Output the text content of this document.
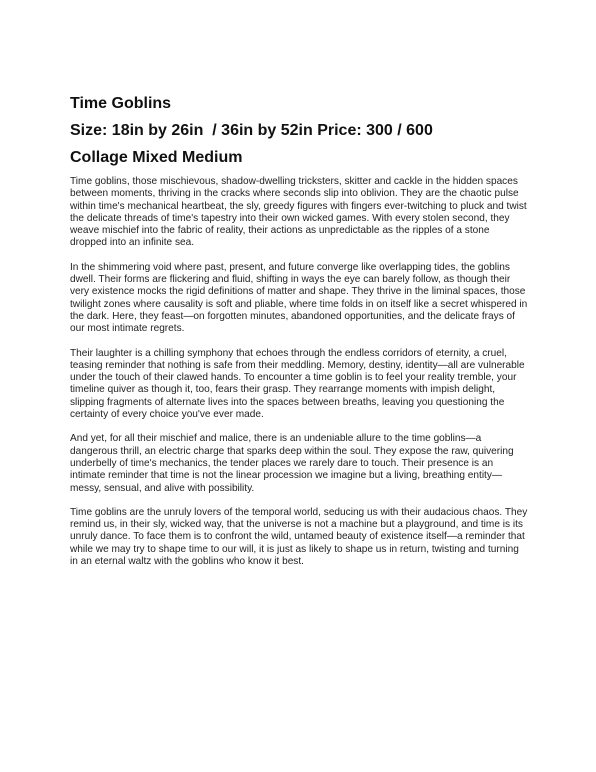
Time Goblins
Size: 18in by 26in  / 36in by 52in Price: 300 / 600
Collage Mixed Medium

Time goblins, those mischievous, shadow-dwelling tricksters, skitter and cackle in the hidden spaces between moments, thriving in the cracks where seconds slip into oblivion. They are the chaotic pulse within time's mechanical heartbeat, the sly, greedy figures with fingers ever-twitching to pluck and twist the delicate threads of time's tapestry into their own wicked games. With every stolen second, they weave mischief into the fabric of reality, their actions as unpredictable as the ripples of a stone dropped into an infinite sea.

In the shimmering void where past, present, and future converge like overlapping tides, the goblins dwell. Their forms are flickering and fluid, shifting in ways the eye can barely follow, as though their very existence mocks the rigid definitions of matter and shape. They thrive in the liminal spaces, those twilight zones where causality is soft and pliable, where time folds in on itself like a secret whispered in the dark. Here, they feast—on forgotten minutes, abandoned opportunities, and the delicate frays of our most intimate regrets.

Their laughter is a chilling symphony that echoes through the endless corridors of eternity, a cruel, teasing reminder that nothing is safe from their meddling. Memory, destiny, identity—all are vulnerable under the touch of their clawed hands. To encounter a time goblin is to feel your reality tremble, your timeline quiver as though it, too, fears their grasp. They rearrange moments with impish delight, slipping fragments of alternate lives into the spaces between breaths, leaving you questioning the certainty of every choice you've ever made.

And yet, for all their mischief and malice, there is an undeniable allure to the time goblins—a dangerous thrill, an electric charge that sparks deep within the soul. They expose the raw, quivering underbelly of time's mechanics, the tender places we rarely dare to touch. Their presence is an intimate reminder that time is not the linear procession we imagine but a living, breathing entity—messy, sensual, and alive with possibility.

Time goblins are the unruly lovers of the temporal world, seducing us with their audacious chaos. They remind us, in their sly, wicked way, that the universe is not a machine but a playground, and time is its unruly dance. To face them is to confront the wild, untamed beauty of existence itself—a reminder that while we may try to shape time to our will, it is just as likely to shape us in return, twisting and turning in an eternal waltz with the goblins who know it best.
